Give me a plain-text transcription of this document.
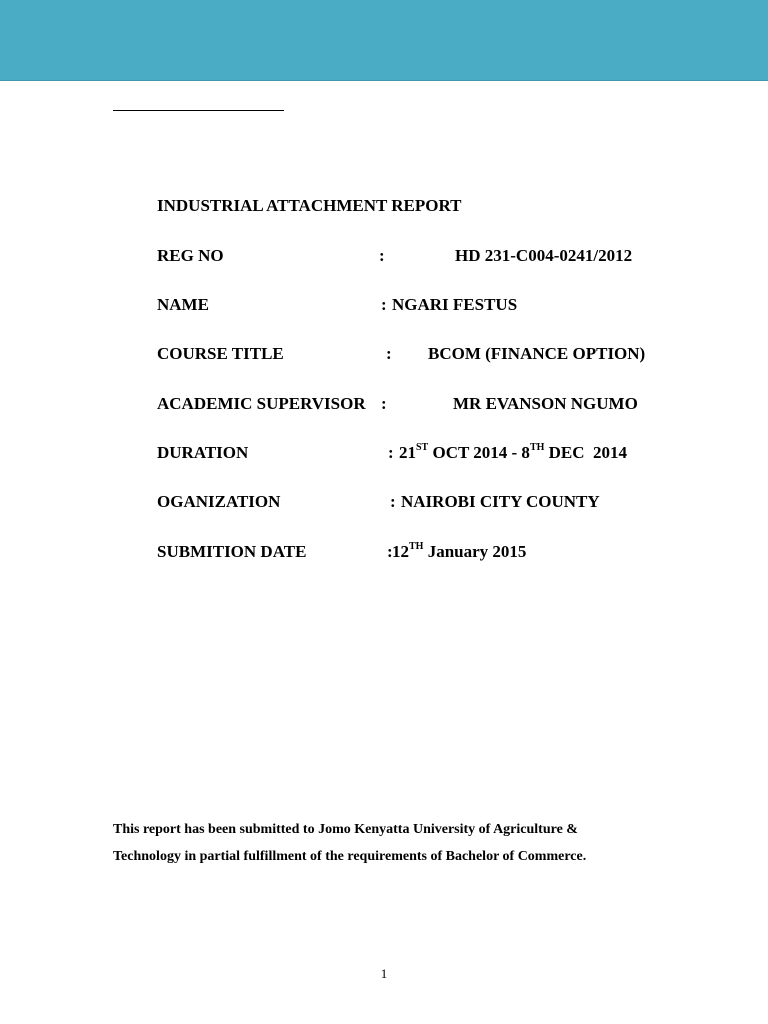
INDUSTRIAL ATTACHMENT REPORT
REG NO	:	HD 231-C004-0241/2012
NAME	: NGARI FESTUS
COURSE TITLE	: BCOM (FINANCE OPTION)
ACADEMIC SUPERVISOR :	MR EVANSON NGUMO
DURATION	: 21ST OCT 2014 - 8TH DEC  2014
OGANIZATION	: NAIROBI CITY COUNTY
SUBMITION DATE	: 12TH January 2015
This report has been submitted to Jomo Kenyatta University of Agriculture &
Technology in partial fulfillment of the requirements of Bachelor of Commerce.
1
